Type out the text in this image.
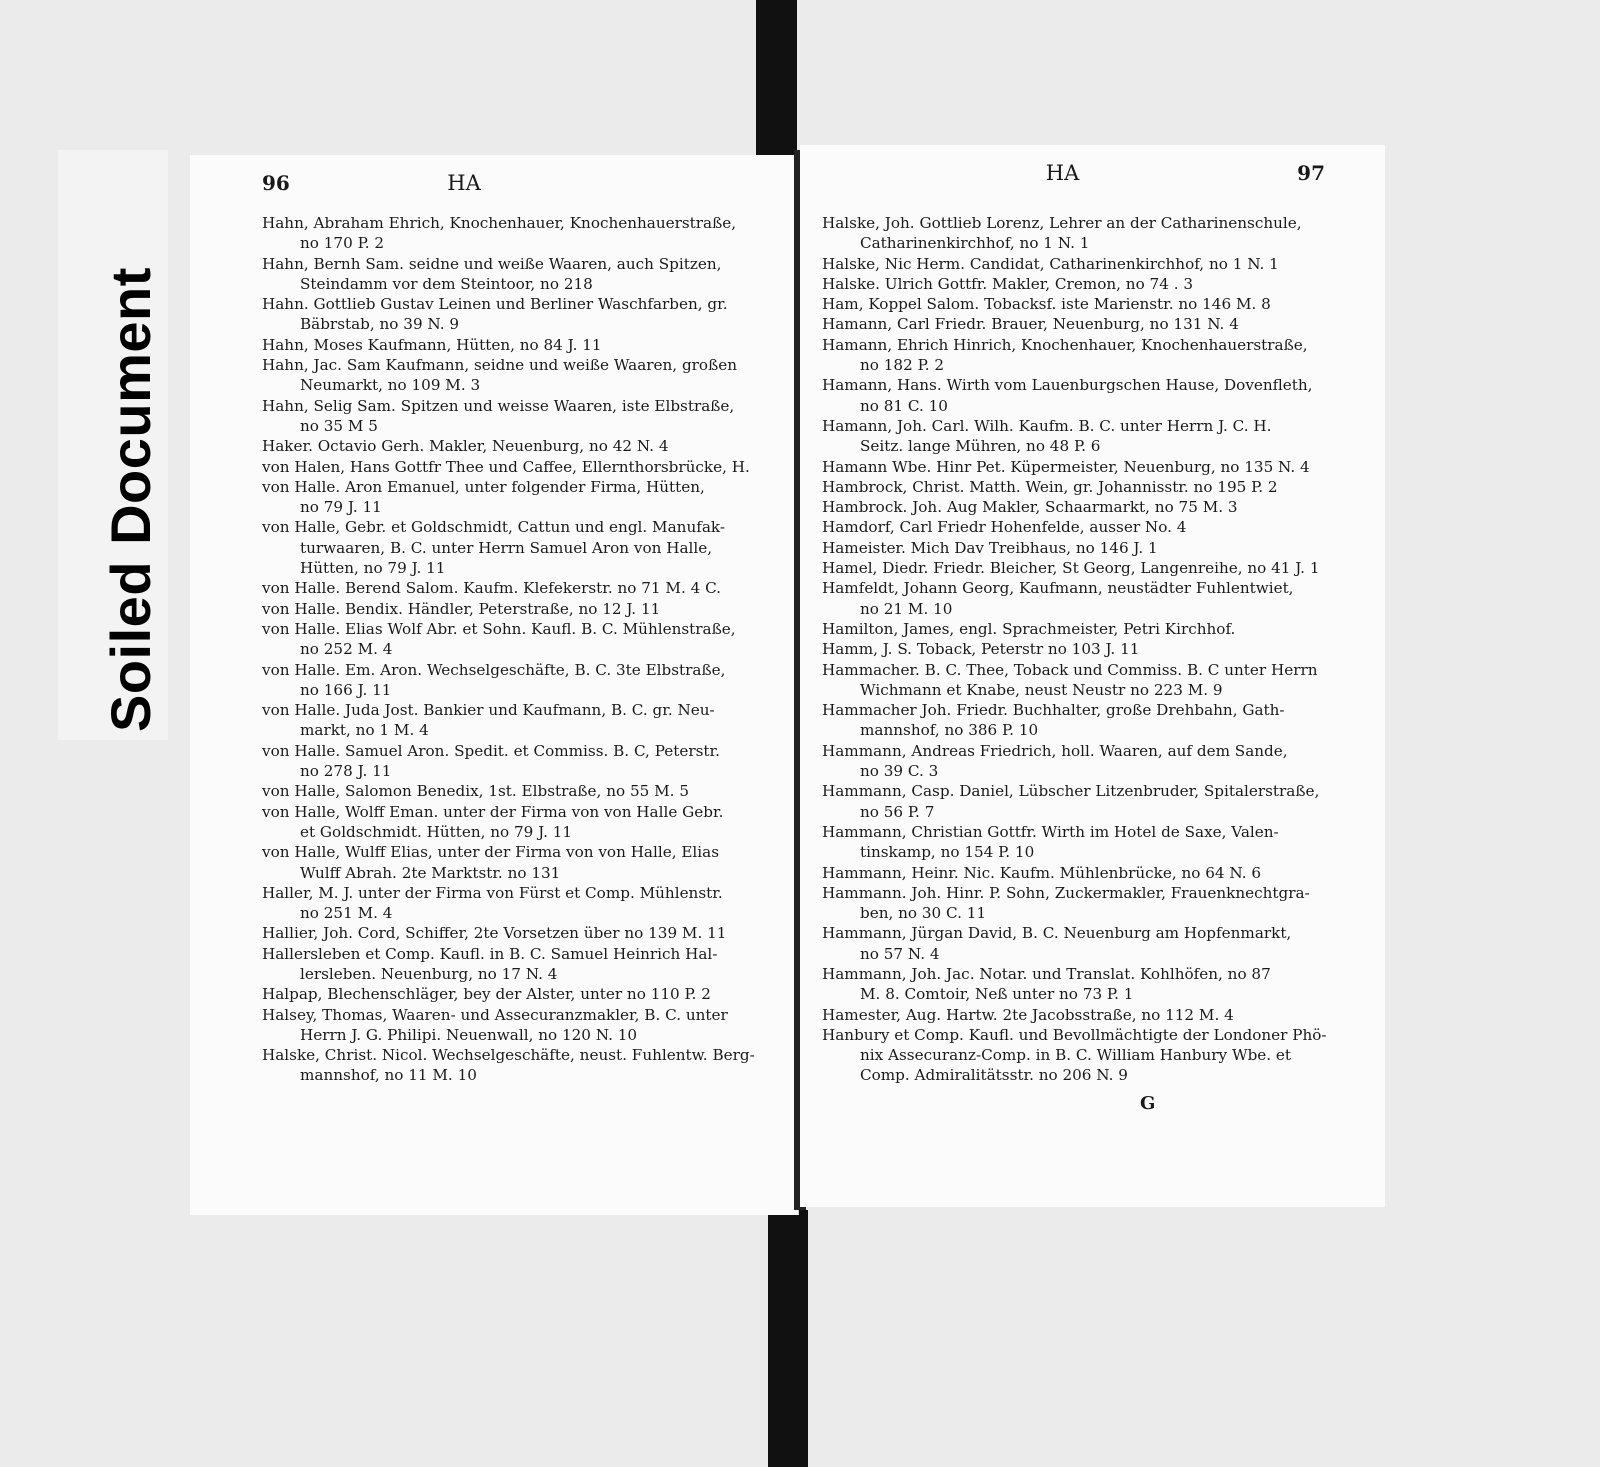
Soiled Document
96	HA
Hahn, Abraham Ehrich, Knochenhauer, Knochenhauerstraße,
no 170 P. 2
Hahn, Bernh Sam. seidne und weiße Waaren, auch Spitzen,
Steindamm vor dem Steintoor, no 218
Hahn. Gottlieb Gustav Leinen und Berliner Waschfarben, gr.
Bäbrstab, no 39 N. 9
Hahn, Moses Kaufmann, Hütten, no 84 J. 11
Hahn, Jac. Sam Kaufmann, seidne und weiße Waaren, großen
Neumarkt, no 109 M. 3
Hahn, Selig Sam. Spitzen und weisse Waaren, iste Elbstraße,
no 35 M 5
Haker. Octavio Gerh. Makler, Neuenburg, no 42 N. 4
von Halen, Hans Gottfr Thee und Caffee, Ellernthorsbrücke, H.
von Halle. Aron Emanuel, unter folgender Firma, Hütten,
no 79 J. 11
von Halle, Gebr. et Goldschmidt, Cattun und engl. Manufak-
turwaaren, B. C. unter Herrn Samuel Aron von Halle,
Hütten, no 79 J. 11
von Halle. Berend Salom. Kaufm. Klefekerstr. no 71 M. 4 C.
von Halle. Bendix. Händler, Peterstraße, no 12 J. 11
von Halle. Elias Wolf Abr. et Sohn. Kaufl. B. C. Mühlenstraße,
no 252 M. 4
von Halle. Em. Aron. Wechselgeschäfte, B. C. 3te Elbstraße,
no 166 J. 11
von Halle. Juda Jost. Bankier und Kaufmann, B. C. gr. Neu-
markt, no 1 M. 4
von Halle. Samuel Aron. Spedit. et Commiss. B. C, Peterstr.
no 278 J. 11
von Halle, Salomon Benedix, 1st. Elbstraße, no 55 M. 5
von Halle, Wolff Eman. unter der Firma von von Halle Gebr.
et Goldschmidt. Hütten, no 79 J. 11
von Halle, Wulff Elias, unter der Firma von von Halle, Elias
Wulff Abrah. 2te Marktstr. no 131
Haller, M. J. unter der Firma von Fürst et Comp. Mühlenstr.
no 251 M. 4
Hallier, Joh. Cord, Schiffer, 2te Vorsetzen über no 139 M. 11
Hallersleben et Comp. Kaufl. in B. C. Samuel Heinrich Hal-
lersleben. Neuenburg, no 17 N. 4
Halpap, Blechenschläger, bey der Alster, unter no 110 P. 2
Halsey, Thomas, Waaren- und Assecuranzmakler, B. C. unter
Herrn J. G. Philipi. Neuenwall, no 120 N. 10
Halske, Christ. Nicol. Wechselgeschäfte, neust. Fuhlentw. Berg-
mannshof, no 11 M. 10
HA	97
Halske, Joh. Gottlieb Lorenz, Lehrer an der Catharinenschule,
Catharinenkirchhof, no 1 N. 1
Halske, Nic Herm. Candidat, Catharinenkirchhof, no 1 N. 1
Halske. Ulrich Gottfr. Makler, Cremon, no 74 . 3
Ham, Koppel Salom. Tobacksf. iste Marienstr. no 146 M. 8
Hamann, Carl Friedr. Brauer, Neuenburg, no 131 N. 4
Hamann, Ehrich Hinrich, Knochenhauer, Knochenhauerstraße,
no 182 P. 2
Hamann, Hans. Wirth vom Lauenburgschen Hause, Dovenfleth,
no 81 C. 10
Hamann, Joh. Carl. Wilh. Kaufm. B. C. unter Herrn J. C. H.
Seitz. lange Mühren, no 48 P. 6
Hamann Wbe. Hinr Pet. Küpermeister, Neuenburg, no 135 N. 4
Hambrock, Christ. Matth. Wein, gr. Johannisstr. no 195 P. 2
Hambrock. Joh. Aug Makler, Schaarmarkt, no 75 M. 3
Hamdorf, Carl Friedr Hohenfelde, ausser No. 4
Hameister. Mich Dav Treibhaus, no 146 J. 1
Hamel, Diedr. Friedr. Bleicher, St Georg, Langenreihe, no 41 J. 1
Hamfeldt, Johann Georg, Kaufmann, neustädter Fuhlentwiet,
no 21 M. 10
Hamilton, James, engl. Sprachmeister, Petri Kirchhof.
Hamm, J. S. Toback, Peterstr no 103 J. 11
Hammacher. B. C. Thee, Toback und Commiss. B. C unter Herrn
Wichmann et Knabe, neust Neustr no 223 M. 9
Hammacher Joh. Friedr. Buchhalter, große Drehbahn, Gath-
mannshof, no 386 P. 10
Hammann, Andreas Friedrich, holl. Waaren, auf dem Sande,
no 39 C. 3
Hammann, Casp. Daniel, Lübscher Litzenbruder, Spitalerstraße,
no 56 P. 7
Hammann, Christian Gottfr. Wirth im Hotel de Saxe, Valen-
tinskamp, no 154 P. 10
Hammann, Heinr. Nic. Kaufm. Mühlenbrücke, no 64 N. 6
Hammann. Joh. Hinr. P. Sohn, Zuckermakler, Frauenknechtgra-
ben, no 30 C. 11
Hammann, Jürgan David, B. C. Neuenburg am Hopfenmarkt,
no 57 N. 4
Hammann, Joh. Jac. Notar. und Translat. Kohlhöfen, no 87
M. 8. Comtoir, Neß unter no 73 P. 1
Hamester, Aug. Hartw. 2te Jacobsstraße, no 112 M. 4
Hanbury et Comp. Kaufl. und Bevollmächtigte der Londoner Phö-
nix Assecuranz-Comp. in B. C. William Hanbury Wbe. et
Comp. Admiralitätsstr. no 206 N. 9
G
